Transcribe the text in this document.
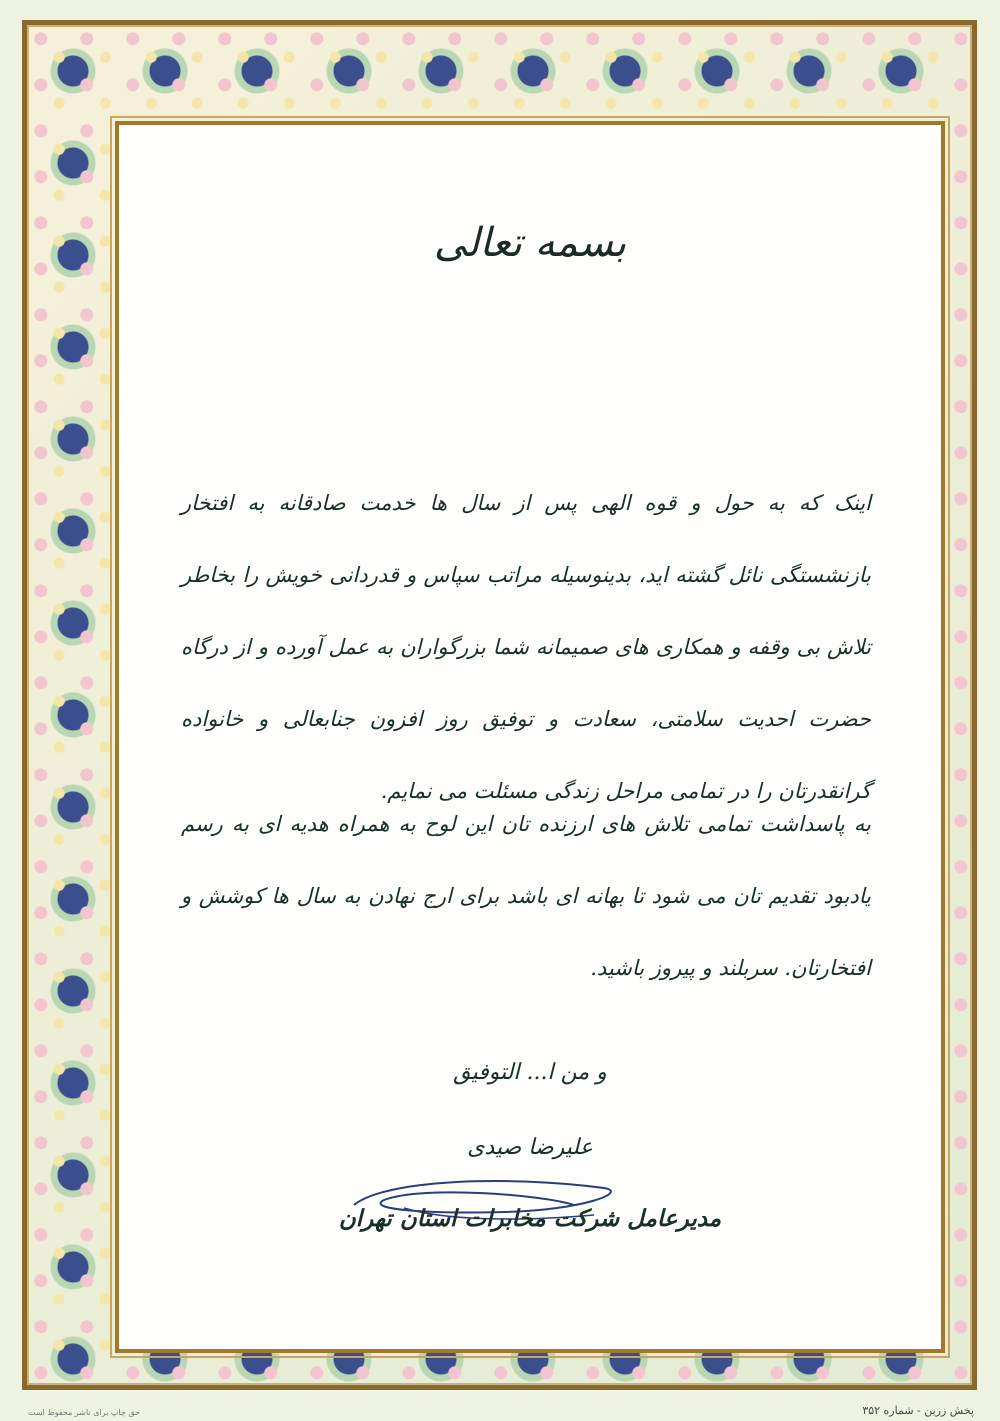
بسمه تعالی
اینک که به حول و قوه الهی پس از سال ها خدمت صادقانه به افتخار بازنشستگی نائل گشته اید، بدینوسیله مراتب سپاس و قدردانی خویش را بخاطر تلاش بی وقفه و همکاری های صمیمانه شما بزرگواران به عمل آورده و از درگاه حضرت احدیت سلامتی، سعادت و توفیق روز افزون جنابعالی و خانواده گرانقدرتان را در تمامی مراحل زندگی مسئلت می نمایم.
به پاسداشت تمامی تلاش های ارزنده تان این لوح به همراه هدیه ای به رسم یادبود تقدیم تان می شود تا بهانه ای باشد برای ارج نهادن به سال ها کوشش و افتخارتان. سربلند و پیروز باشید.
و من ا... التوفیق
علیرضا صیدی
مدیرعامل شرکت مخابرات استان تهران
پخش زرین - شماره ۳۵۲
حق چاپ برای ناشر محفوظ است
